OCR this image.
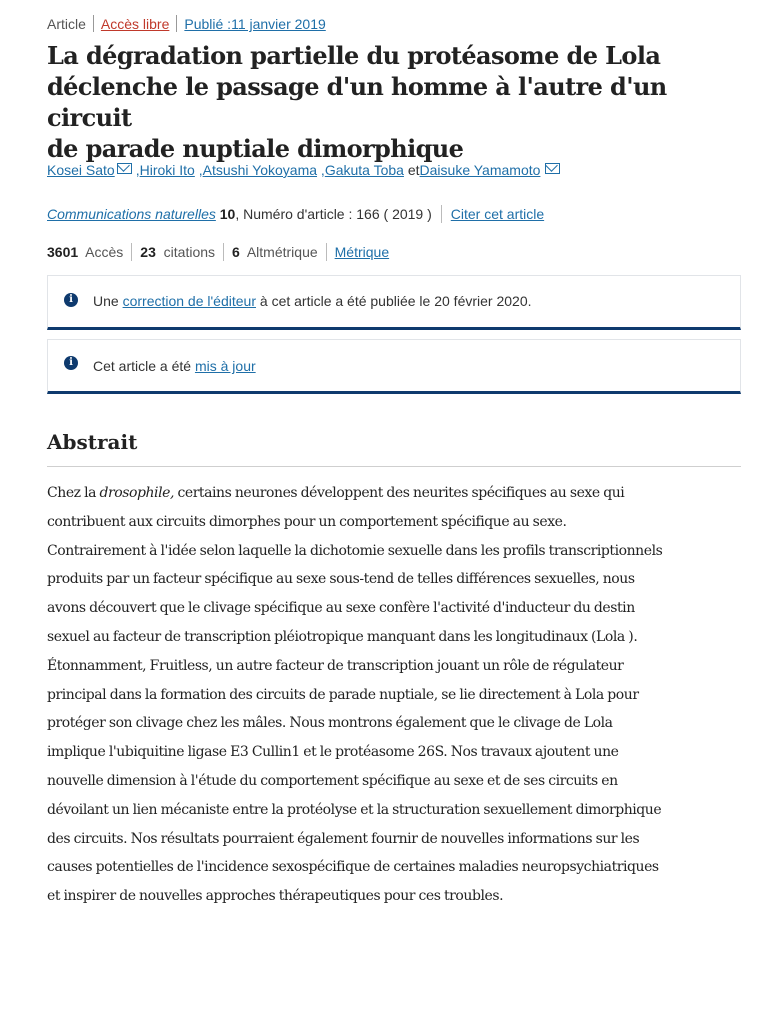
Article Accès libre Publié :11 janvier 2019
La dégradation partielle du protéasome de Lola
déclenche le passage d'un homme à l'autre d'un circuit
de parade nuptiale dimorphique
Kosei Sato ,Hiroki Ito ,Atsushi Yokoyama ,Gakuta Toba etDaisuke Yamamoto
Communications naturelles 10, Numéro d'article : 166 ( 2019 ) Citer cet article
3601 Accès 23 citations 6 Altmétrique Métrique
i	Une correction de l'éditeur à cet article a été publiée le 20 février 2020.
i	Cet article a été mis à jour
Abstrait

Chez la drosophile, certains neurones développent des neurites spécifiques au sexe qui
contribuent aux circuits dimorphes pour un comportement spécifique au sexe.
Contrairement à l'idée selon laquelle la dichotomie sexuelle dans les profils transcriptionnels
produits par un facteur spécifique au sexe sous-tend de telles différences sexuelles, nous
avons découvert que le clivage spécifique au sexe confère l'activité d'inducteur du destin
sexuel au facteur de transcription pléiotropique manquant dans les longitudinaux (Lola ).
Étonnamment, Fruitless, un autre facteur de transcription jouant un rôle de régulateur
principal dans la formation des circuits de parade nuptiale, se lie directement à Lola pour
protéger son clivage chez les mâles. Nous montrons également que le clivage de Lola
implique l'ubiquitine ligase E3 Cullin1 et le protéasome 26S. Nos travaux ajoutent une
nouvelle dimension à l'étude du comportement spécifique au sexe et de ses circuits en
dévoilant un lien mécaniste entre la protéolyse et la structuration sexuellement dimorphique
des circuits. Nos résultats pourraient également fournir de nouvelles informations sur les
causes potentielles de l'incidence sexospécifique de certaines maladies neuropsychiatriques
et inspirer de nouvelles approches thérapeutiques pour ces troubles.
